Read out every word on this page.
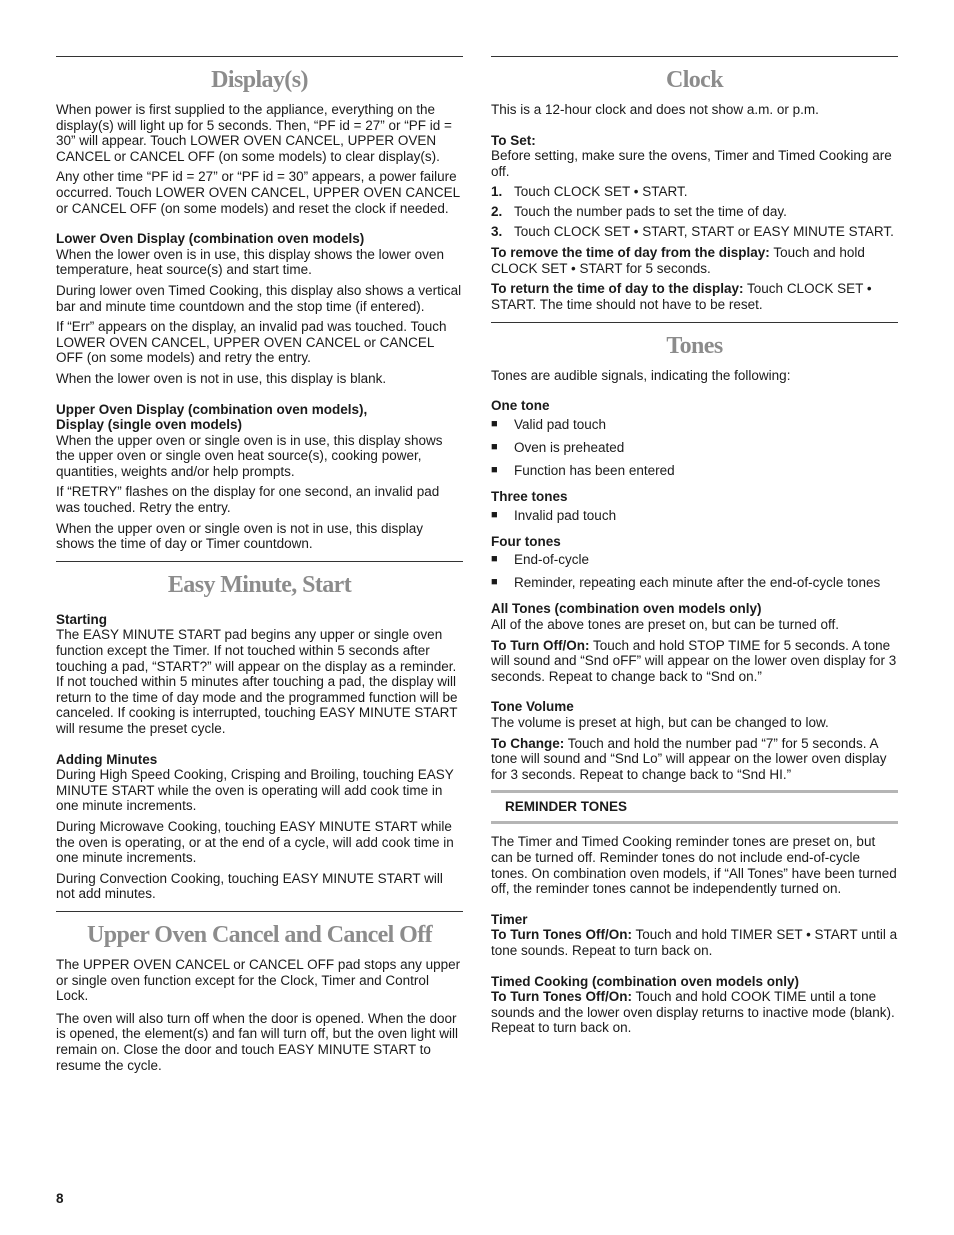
Display(s)

When power is first supplied to the appliance, everything on the display(s) will light up for 5 seconds. Then, “PF id = 27” or “PF id = 30” will appear. Touch LOWER OVEN CANCEL, UPPER OVEN CANCEL or CANCEL OFF (on some models) to clear display(s).

Any other time “PF id = 27” or “PF id = 30” appears, a power failure occurred. Touch LOWER OVEN CANCEL, UPPER OVEN CANCEL or CANCEL OFF (on some models) and reset the clock if needed.

Lower Oven Display (combination oven models)

When the lower oven is in use, this display shows the lower oven temperature, heat source(s) and start time.

During lower oven Timed Cooking, this display also shows a vertical bar and minute time countdown and the stop time (if entered).

If “Err” appears on the display, an invalid pad was touched. Touch LOWER OVEN CANCEL, UPPER OVEN CANCEL or CANCEL OFF (on some models) and retry the entry.

When the lower oven is not in use, this display is blank.

Upper Oven Display (combination oven models),
Display (single oven models)

When the upper oven or single oven is in use, this display shows the upper oven or single oven heat source(s), cooking power, quantities, weights and/or help prompts.

If “RETRY” flashes on the display for one second, an invalid pad was touched. Retry the entry.

When the upper oven or single oven is not in use, this display shows the time of day or Timer countdown.

Easy Minute, Start
Starting

The EASY MINUTE START pad begins any upper or single oven function except the Timer. If not touched within 5 seconds after touching a pad, “START?” will appear on the display as a reminder. If not touched within 5 minutes after touching a pad, the display will return to the time of day mode and the programmed function will be canceled. If cooking is interrupted, touching EASY MINUTE START will resume the preset cycle.

Adding Minutes

During High Speed Cooking, Crisping and Broiling, touching EASY MINUTE START while the oven is operating will add cook time in one minute increments.

During Microwave Cooking, touching EASY MINUTE START while the oven is operating, or at the end of a cycle, will add cook time in one minute increments.

During Convection Cooking, touching EASY MINUTE START will not add minutes.

Upper Oven Cancel and Cancel Off

The UPPER OVEN CANCEL or CANCEL OFF pad stops any upper or single oven function except for the Clock, Timer and Control Lock.

The oven will also turn off when the door is opened. When the door is opened, the element(s) and fan will turn off, but the oven light will remain on. Close the door and touch EASY MINUTE START to resume the cycle.

Clock

This is a 12-hour clock and does not show a.m. or p.m.

To Set:

Before setting, make sure the ovens, Timer and Timed Cooking are off.

1. Touch CLOCK SET • START.
2. Touch the number pads to set the time of day.
3. Touch CLOCK SET • START, START or EASY MINUTE START.

To remove the time of day from the display: Touch and hold CLOCK SET • START for 5 seconds.

To return the time of day to the display: Touch CLOCK SET • START. The time should not have to be reset.

Tones

Tones are audible signals, indicating the following:

One tone
■	Valid pad touch
■	Oven is preheated
■	Function has been entered
Three tones
■	Invalid pad touch
Four tones
■	End-of-cycle
■	Reminder, repeating each minute after the end-of-cycle tones
All Tones (combination oven models only)

All of the above tones are preset on, but can be turned off.

To Turn Off/On: Touch and hold STOP TIME for 5 seconds. A tone will sound and “Snd oFF” will appear on the lower oven display for 3 seconds. Repeat to change back to “Snd on.”

Tone Volume

The volume is preset at high, but can be changed to low.

To Change: Touch and hold the number pad “7” for 5 seconds. A tone will sound and “Snd Lo” will appear on the lower oven display for 3 seconds. Repeat to change back to “Snd HI.”

REMINDER TONES

The Timer and Timed Cooking reminder tones are preset on, but can be turned off. Reminder tones do not include end-of-cycle tones. On combination oven models, if “All Tones” have been turned off, the reminder tones cannot be independently turned on.

Timer

To Turn Tones Off/On: Touch and hold TIMER SET • START until a tone sounds. Repeat to turn back on.

Timed Cooking (combination oven models only)

To Turn Tones Off/On: Touch and hold COOK TIME until a tone sounds and the lower oven display returns to inactive mode (blank). Repeat to turn back on.

8
